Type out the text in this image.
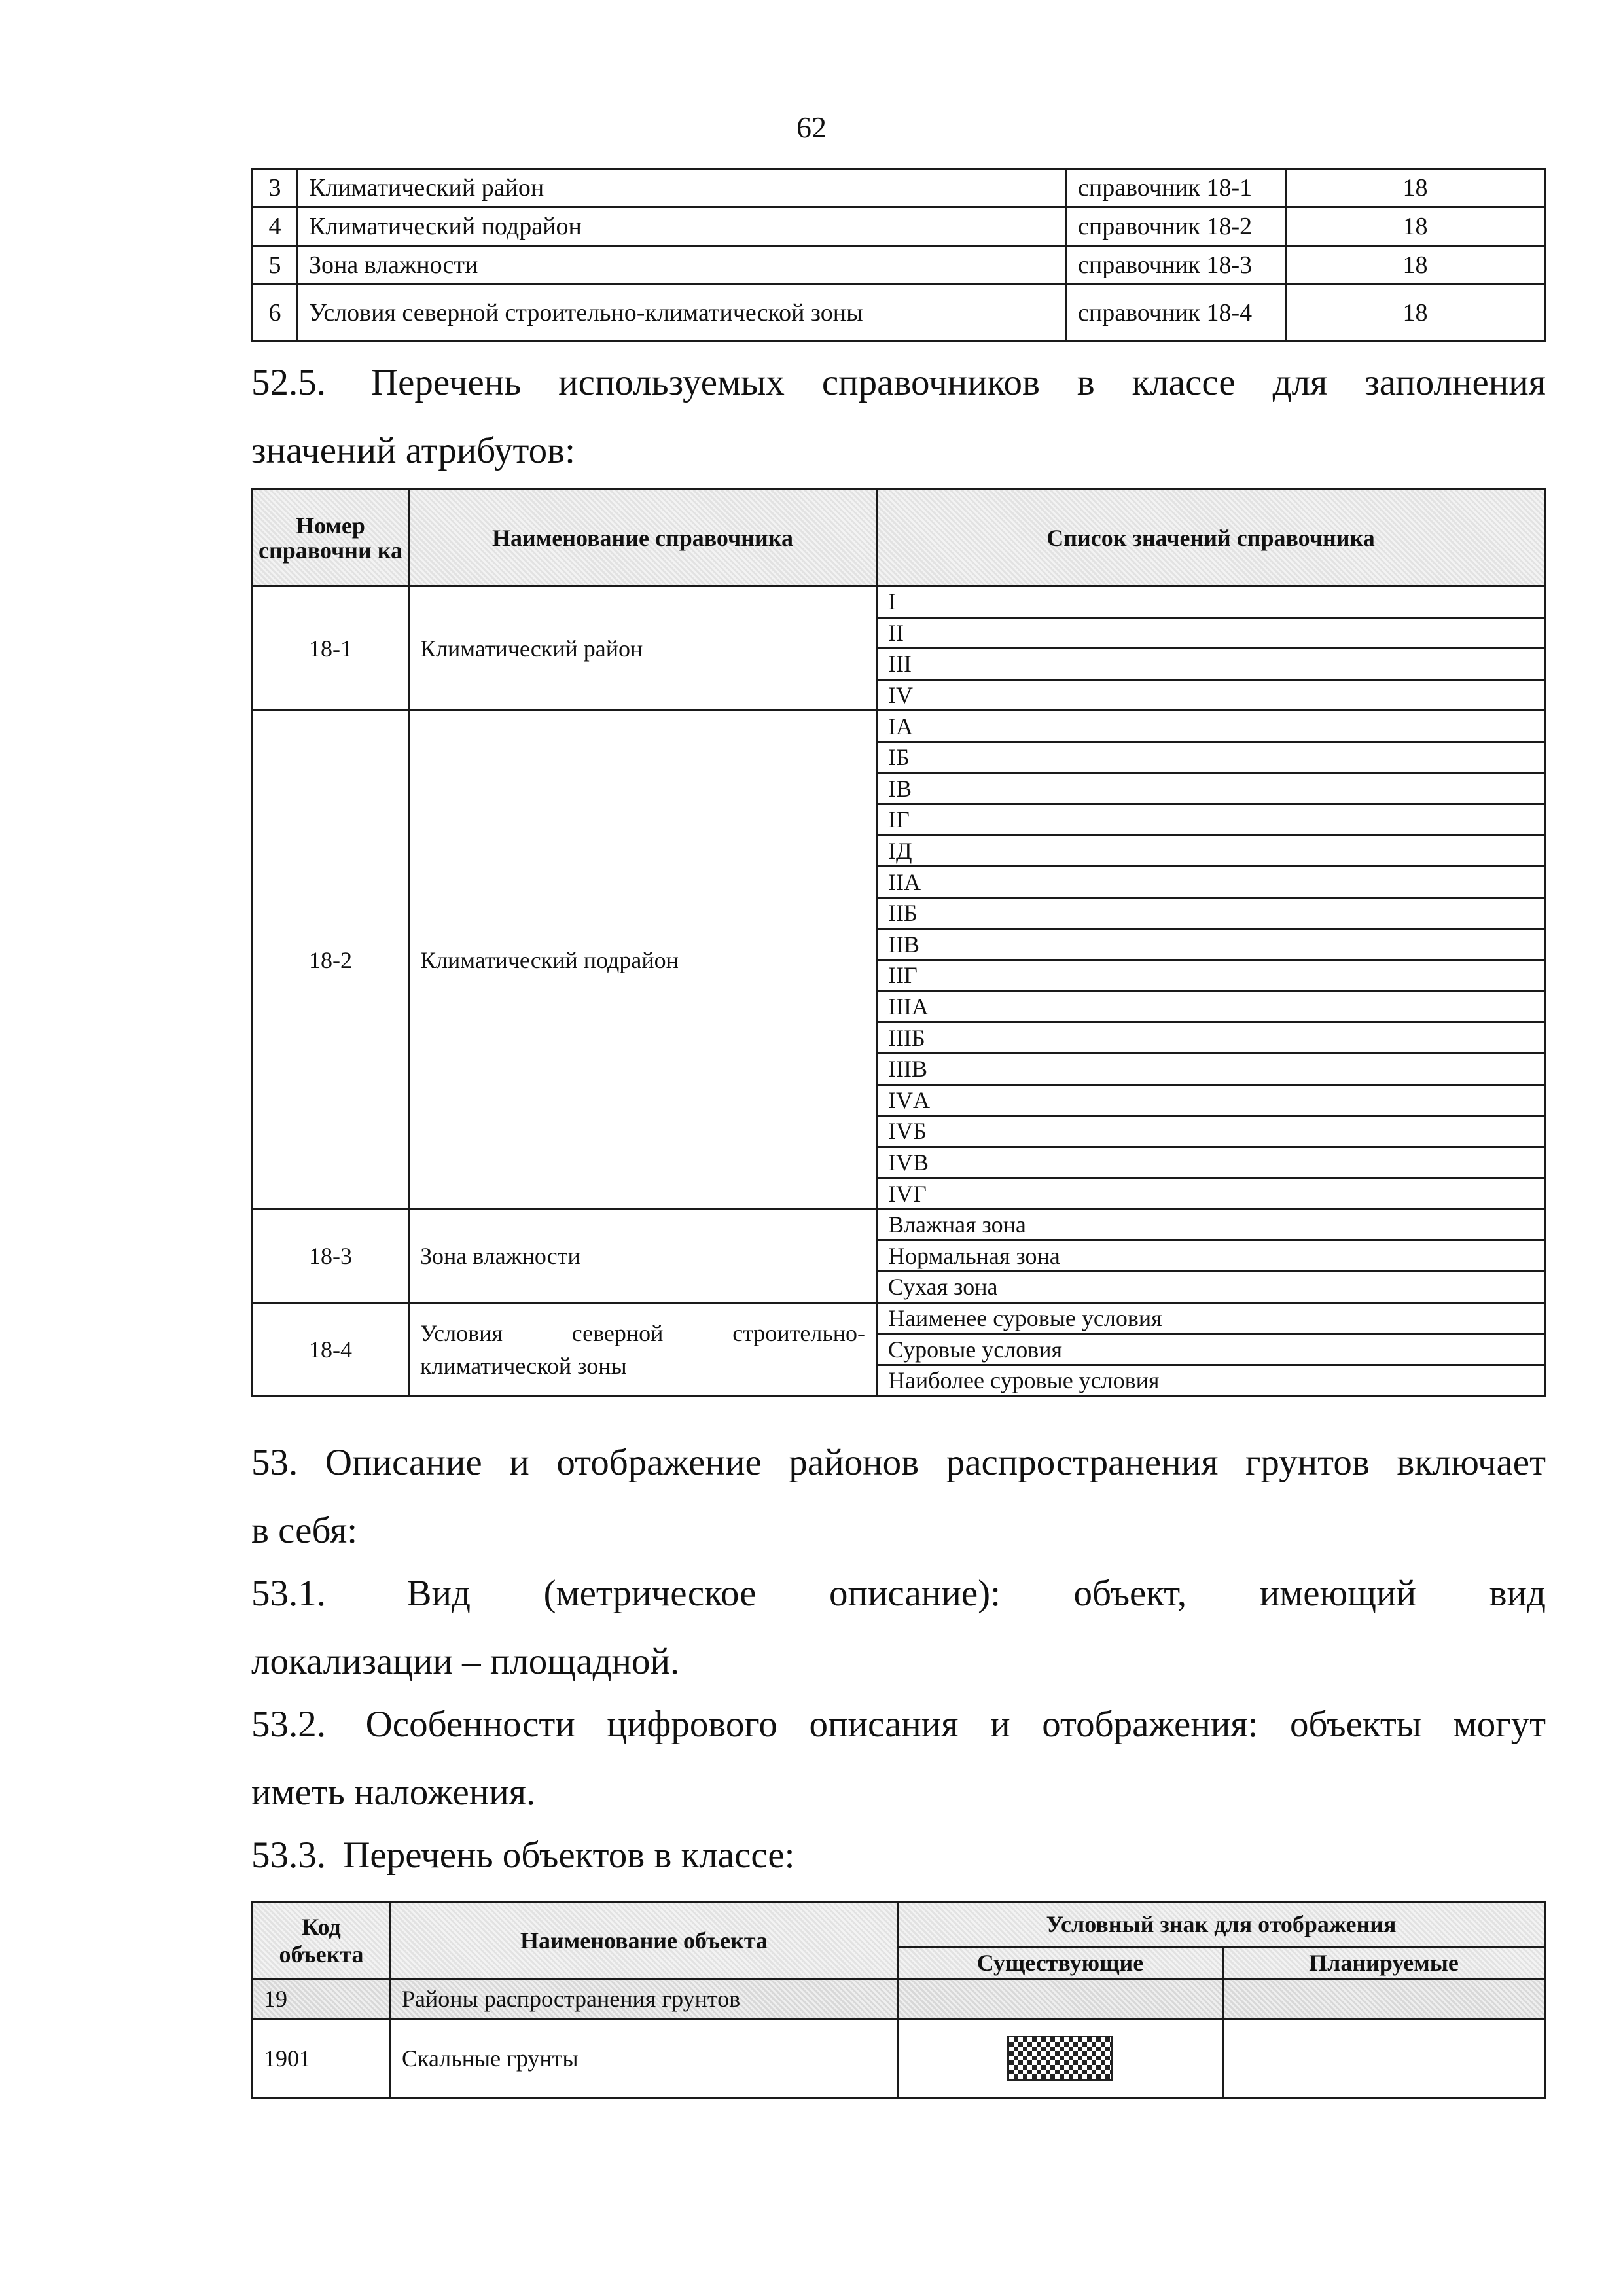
62
3	Климатический район	справочник 18-1	18
4	Климатический подрайон	справочник 18-2	18
5	Зона влажности	справочник 18-3	18
6	Условия северной строительно-климатической зоны	справочник 18-4	18

52.5. Перечень используемых справочников в классе для заполнения

значений атрибутов:

Номер справочни ка	Наименование справочника	Список значений справочника
18-1	Климатический район	I
		II
		III
		IV
18-2	Климатический подрайон	IА
		IБ
		IВ
		IГ
		IД
		IIА
		IIБ
		IIВ
		IIГ
		IIIА
		IIIБ
		IIIВ
		IVА
		IVБ
		IVВ
		IVГ
18-3	Зона влажности	Влажная зона
		Нормальная зона
		Сухая зона
18-4	Условия северной строительно-климатической зоны	Наименее суровые условия
		Суровые условия
		Наиболее суровые условия

53. Описание и отображение районов распространения грунтов включает

в себя:

53.1. Вид (метрическое описание): объект, имеющий вид

локализации – площадной.

53.2. Особенности цифрового описания и отображения: объекты могут

иметь наложения.

53.3. Перечень объектов в классе:

Код объекта	Наименование объекта	Условный знак для отображения	
		Существующие	Планируемые
19	Районы распространения грунтов		
1901	Скальные грунты		
